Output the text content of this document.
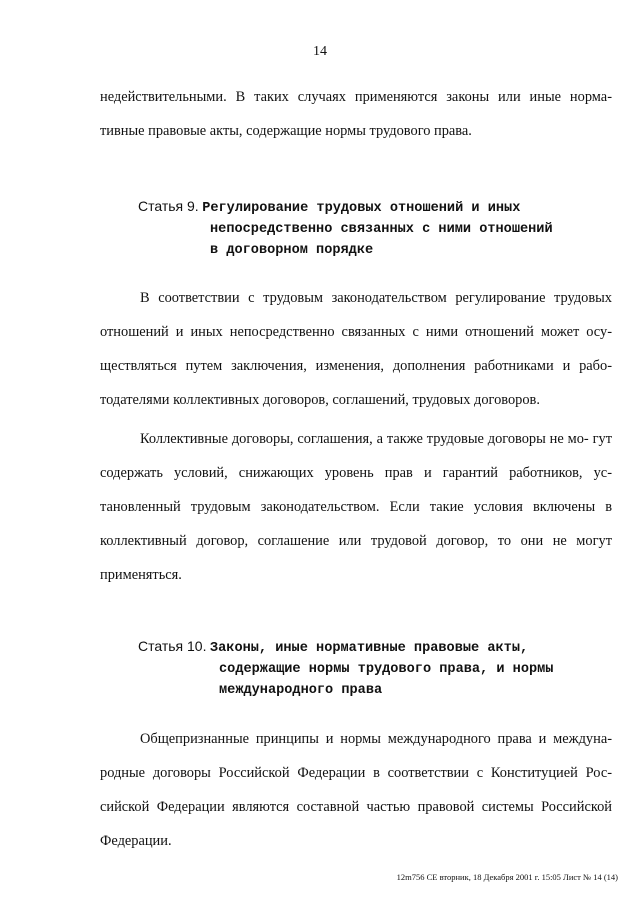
14

недействительными. В таких случаях применяются законы или иные норма- тивные правовые акты, содержащие нормы трудового права.

Статья 9. Регулирование трудовых отношений и иных
непосредственно связанных с ними отношений
в договорном порядке

В соответствии с трудовым законодательством регулирование трудовых отношений и иных непосредственно связанных с ними отношений может осу- ществляться путем заключения, изменения, дополнения работниками и рабо- тодателями коллективных договоров, соглашений, трудовых договоров.

Коллективные договоры, соглашения, а также трудовые договоры не мо- гут содержать условий, снижающих уровень прав и гарантий работников, ус- тановленный трудовым законодательством. Если такие условия включены в коллективный договор, соглашение или трудовой договор, то они не могут применяться.

Статья 10. Законы, иные нормативные правовые акты,
содержащие нормы трудового права, и нормы
международного права

Общепризнанные принципы и нормы международного права и междуна- родные договоры Российской Федерации в соответствии с Конституцией Рос- сийской Федерации являются составной частью правовой системы Российской Федерации.

12m756 СЕ вторник, 18 Декабря 2001 г. 15:05 Лист № 14 (14)
